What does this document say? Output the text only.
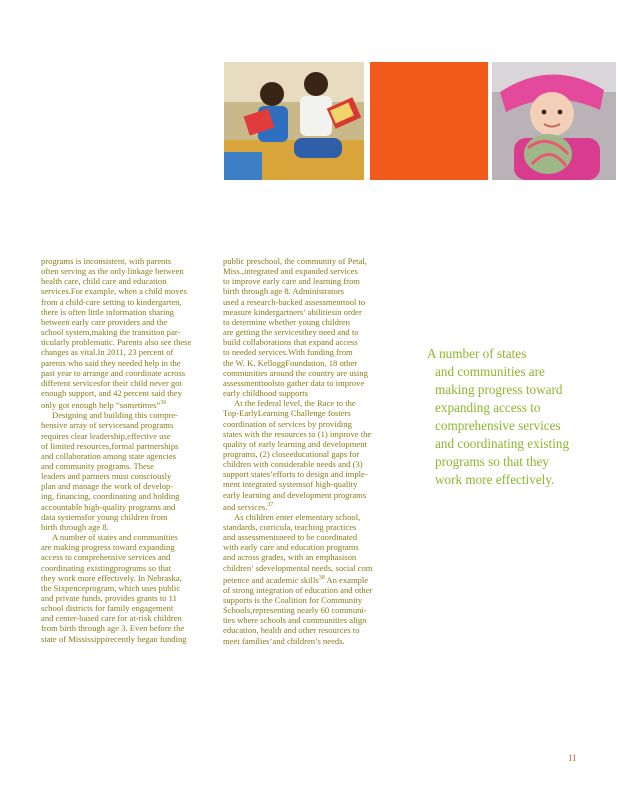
programs is inconsistent, with parents
often serving as the only linkage between
health care, child care and education
services.For example, when a child moves
from a child-care setting to kindergarten,
there is often little information sharing
between early care providers and the
school system,making the transition par-
ticularly problematic. Parents also see these
changes as vital.In 2011, 23 percent of
parents who said they needed help in the
past year to arrange and coordinate across
different servicesfor their child never got
enough support, and 42 percent said they
only got enough help “sometimes”$^{36}$
Designing and building this compre-
hensive array of servicesand programs
requires clear leadership,effective use
of limited resources,formal partnerships
and collaboration among state agencies
and community programs. These
leaders and partners must consciously
plan and manage the work of develop-
ing, financing, coordinating and holding
accountable high-quality programs and
data systemsfor young children from
birth through age 8.
A number of states and communities
are making progress toward expanding
access to comprehensive services and
coordinating existingprograms so that
they work more effectively. In Nebraska,
the Sixpenceprogram, which uses public
and private funds, provides grants to 11
school districts for family engagement
and center-based care for at-risk children
from birth through age 3. Even before the
state of Mississippirecently began funding
public preschool, the community of Petal,
Miss.,integrated and expanded services
to improve early care and learning from
birth through age 8. Administrators
used a research-backed assessmenttool to
measure kindergartners’ abilitiesin order
to determine whether young children
are getting the servicesthey need and to
build collaborations that expand access
to needed services.With funding from
the W. K. KelloggFoundation, 18 other
communities around the country are using
assessmenttoolsto gather data to improve
early childhood supports
At the federal level, the Race to the
Top-EarlyLearning Challenge fosters
coordination of services by providing
states with the resources to (1) improve the
quality of early learning and development
programs, (2) closeeducational gaps for
children with considerable needs and (3)
support states’efforts to design and imple-
ment integrated systemsof high-quality
early learning and development programs
and services.$^{37}$
As children enter elementary school,
standards, curricula, teaching practices
and assessmentsneed to be coordinated
with early care and education programs
and across grades, with an emphasison
children’ sdevelopmental needs, social com
petence and academic skills$^{38}$ An example
of strong integration of education and other
supports is the Coalition for Community
Schools,representing nearly 60 communi-
ties where schools and communities align
education, health and other resources to
meet families’and children’s needs.
A number of states
and communities are
making progress toward
expanding access to
comprehensive services
and coordinating existing
programs so that they
work more effectively.
11
